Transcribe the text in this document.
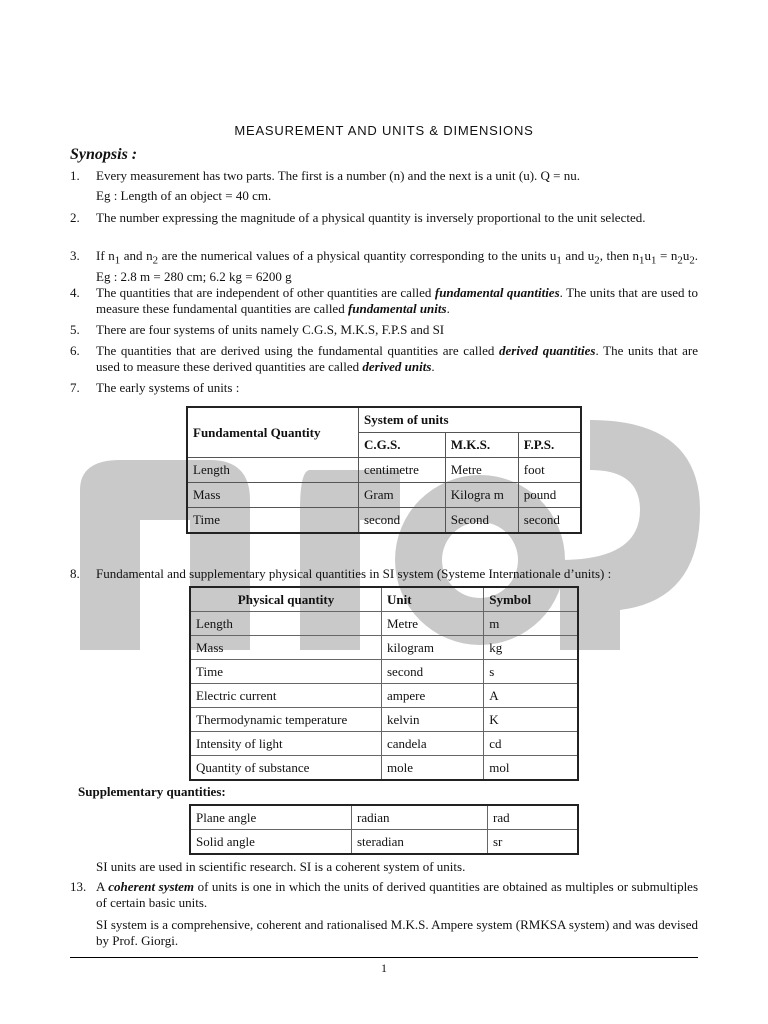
MEASUREMENT AND UNITS & DIMENSIONS
Synopsis :
1. Every measurement has two parts. The first is a number (n) and the next is a unit (u). Q = nu.
Eg : Length of an object = 40 cm.
2. The number expressing the magnitude of a physical quantity is inversely proportional to the unit selected.
3. If $n_1$ and $n_2$ are the numerical values of a physical quantity corresponding to the units $u_1$ and $u_2$, then $n_1u_1 = n_2u_2$. Eg : 2.8 m = 280 cm; 6.2 kg = 6200 g
4. The quantities that are independent of other quantities are called fundamental quantities. The units that are used to measure these fundamental quantities are called fundamental units.
5. There are four systems of units namely C.G.S, M.K.S, F.P.S and SI
6. The quantities that are derived using the fundamental quantities are called derived quantities. The units that are used to measure these derived quantities are called derived units.
7. The early systems of units :
Fundamental Quantity	System of units		
	C.G.S.	M.K.S.	F.P.S.
Length	centimetre	Metre	foot
Mass	Gram	Kilogra m	pound
Time	second	Second	second
8. Fundamental and supplementary physical quantities in SI system (Systeme Internationale d’units) :
Physical quantity	Unit	Symbol
Length	Metre	m
Mass	kilogram	kg
Time	second	s
Electric current	ampere	A
Thermodynamic temperature	kelvin	K
Intensity of light	candela	cd
Quantity of substance	mole	mol
Supplementary quantities:
Plane angle	radian	rad
Solid angle	steradian	sr
SI units are used in scientific research. SI is a coherent system of units.
13. A coherent system of units is one in which the units of derived quantities are obtained as multiples or submultiples of certain basic units.
SI system is a comprehensive, coherent and rationalised M.K.S. Ampere system (RMKSA system) and was devised by Prof. Giorgi.
1
